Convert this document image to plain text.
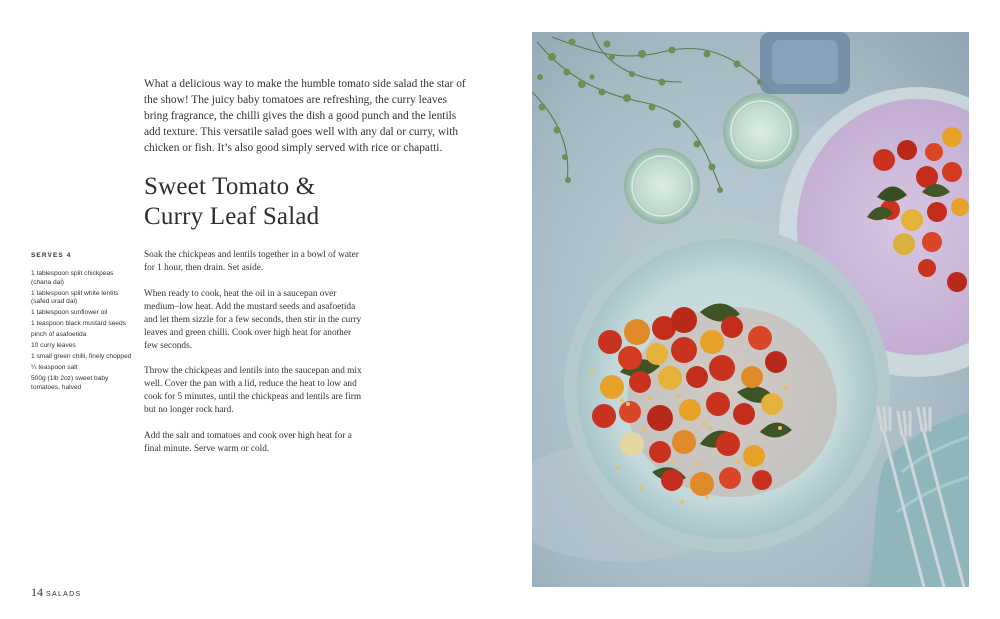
What a delicious way to make the humble tomato side salad the star of the show! The juicy baby tomatoes are refreshing, the curry leaves bring fragrance, the chilli gives the dish a good punch and the lentils add texture. This versatile salad goes well with any dal or curry, with chicken or fish. It’s also good simply served with rice or chapatti.

Sweet Tomato &
Curry Leaf Salad

SERVES 4

1 tablespoon split chickpeas (chana dal)
1 tablespoon split white lentils (safed urad dal)
1 tablespoon sunflower oil
1 teaspoon black mustard seeds
pinch of asafoetida
10 curry leaves
1 small green chilli, finely chopped
¼ teaspoon salt
500g (1lb 2oz) sweet baby tomatoes, halved

Soak the chickpeas and lentils together in a bowl of water for 1 hour, then drain. Set aside.

When ready to cook, heat the oil in a saucepan over medium–low heat. Add the mustard seeds and asafoetida and let them sizzle for a few seconds, then stir in the curry leaves and green chilli. Cook over high heat for another few seconds.

Throw the chickpeas and lentils into the saucepan and mix well. Cover the pan with a lid, reduce the heat to low and cook for 5 minutes, until the chickpeas and lentils are firm but no longer rock hard.

Add the salt and tomatoes and cook over high heat for a final minute. Serve warm or cold.

14 SALADS
